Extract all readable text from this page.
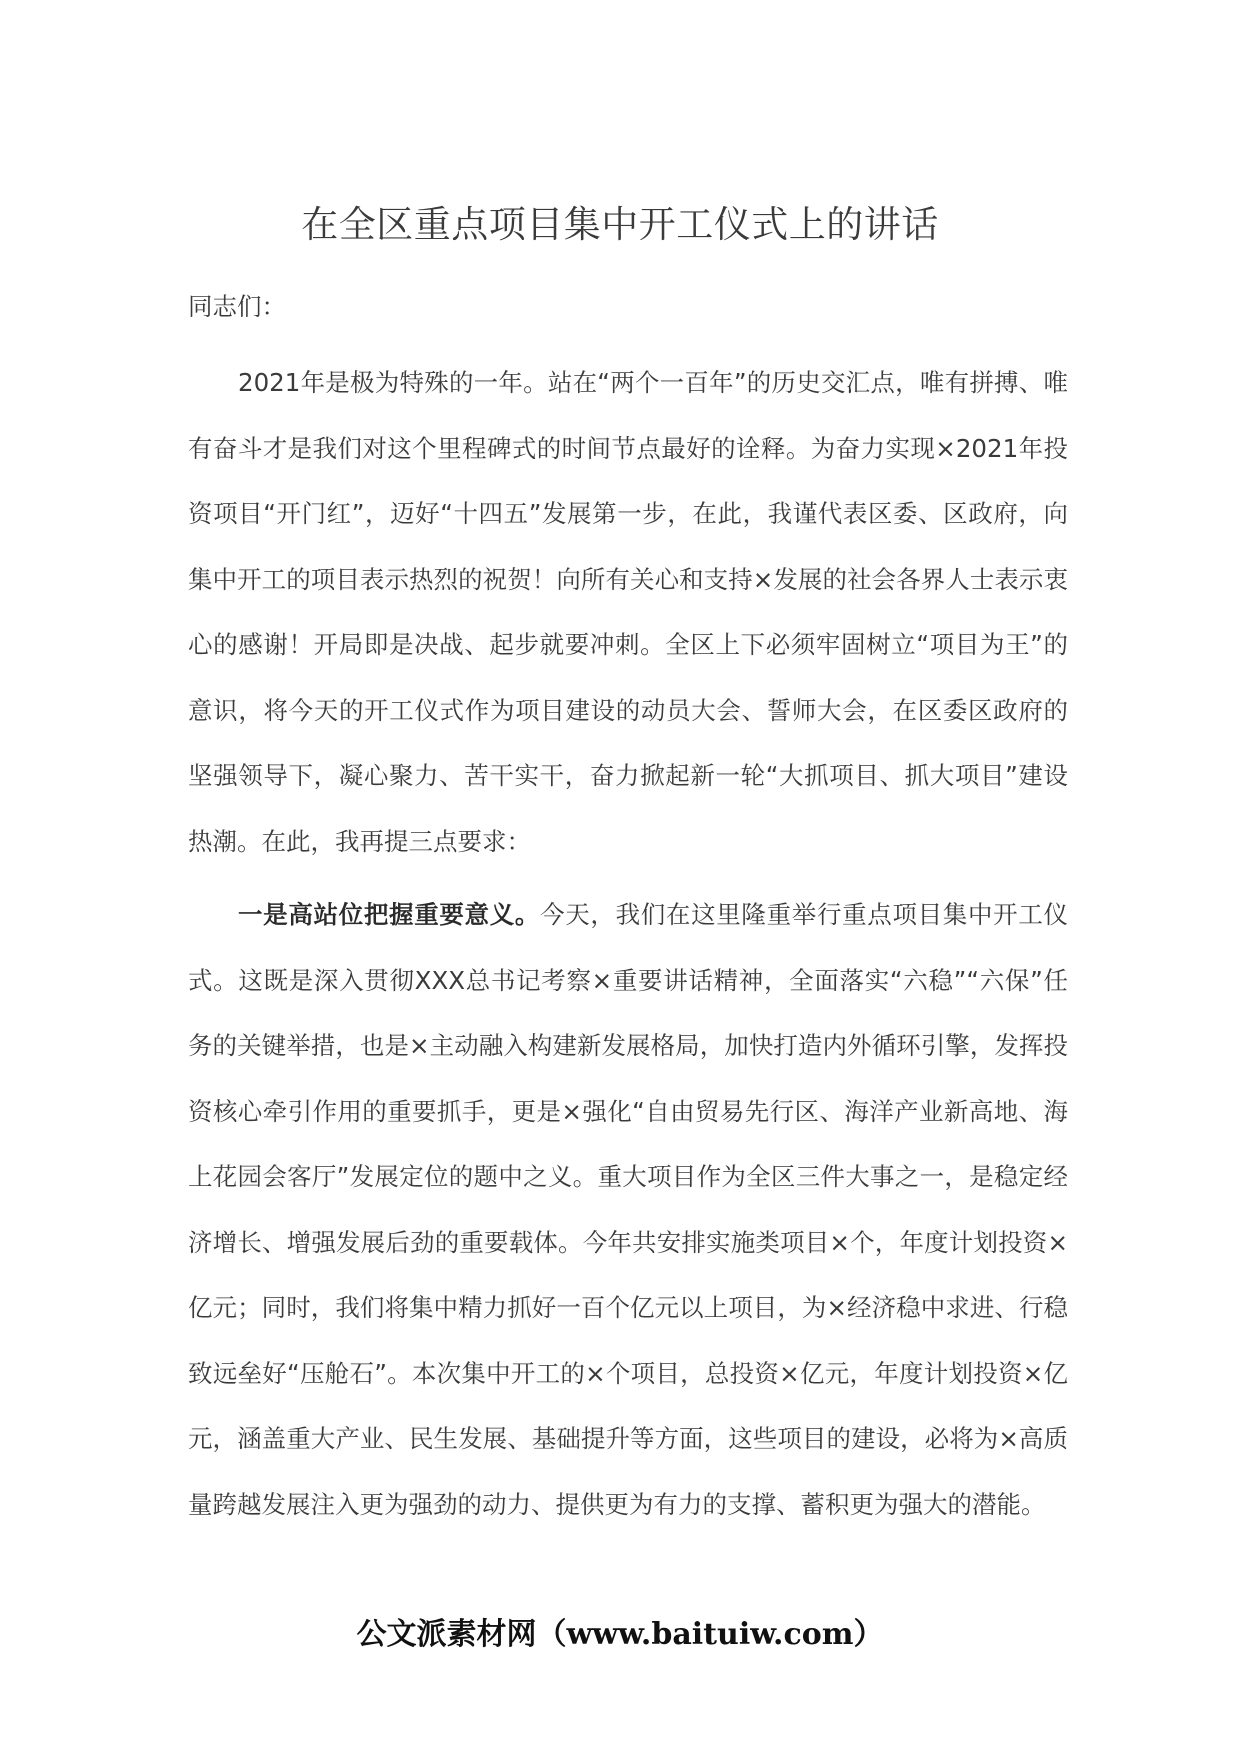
在全区重点项目集中开工仪式上的讲话

同志们：

2021年是极为特殊的一年。站在“两个一百年”的历史交汇点，唯有拼搏、唯有奋斗才是我们对这个里程碑式的时间节点最好的诠释。为奋力实现×2021年投资项目“开门红”，迈好“十四五”发展第一步，在此，我谨代表区委、区政府，向集中开工的项目表示热烈的祝贺！向所有关心和支持×发展的社会各界人士表示衷心的感谢！开局即是决战、起步就要冲刺。全区上下必须牢固树立“项目为王”的意识，将今天的开工仪式作为项目建设的动员大会、誓师大会，在区委区政府的坚强领导下，凝心聚力、苦干实干，奋力掀起新一轮“大抓项目、抓大项目”建设热潮。在此，我再提三点要求：

一是高站位把握重要意义。今天，我们在这里隆重举行重点项目集中开工仪式。这既是深入贯彻XXX总书记考察×重要讲话精神，全面落实“六稳”“六保”任务的关键举措，也是×主动融入构建新发展格局，加快打造内外循环引擎，发挥投资核心牵引作用的重要抓手，更是×强化“自由贸易先行区、海洋产业新高地、海上花园会客厅”发展定位的题中之义。重大项目作为全区三件大事之一，是稳定经济增长、增强发展后劲的重要载体。今年共安排实施类项目×个，年度计划投资×亿元；同时，我们将集中精力抓好一百个亿元以上项目，为×经济稳中求进、行稳致远垒好“压舱石”。本次集中开工的×个项目，总投资×亿元，年度计划投资×亿元，涵盖重大产业、民生发展、基础提升等方面，这些项目的建设，必将为×高质量跨越发展注入更为强劲的动力、提供更为有力的支撑、蓄积更为强大的潜能。

公文派素材网（www.baituiw.com）
